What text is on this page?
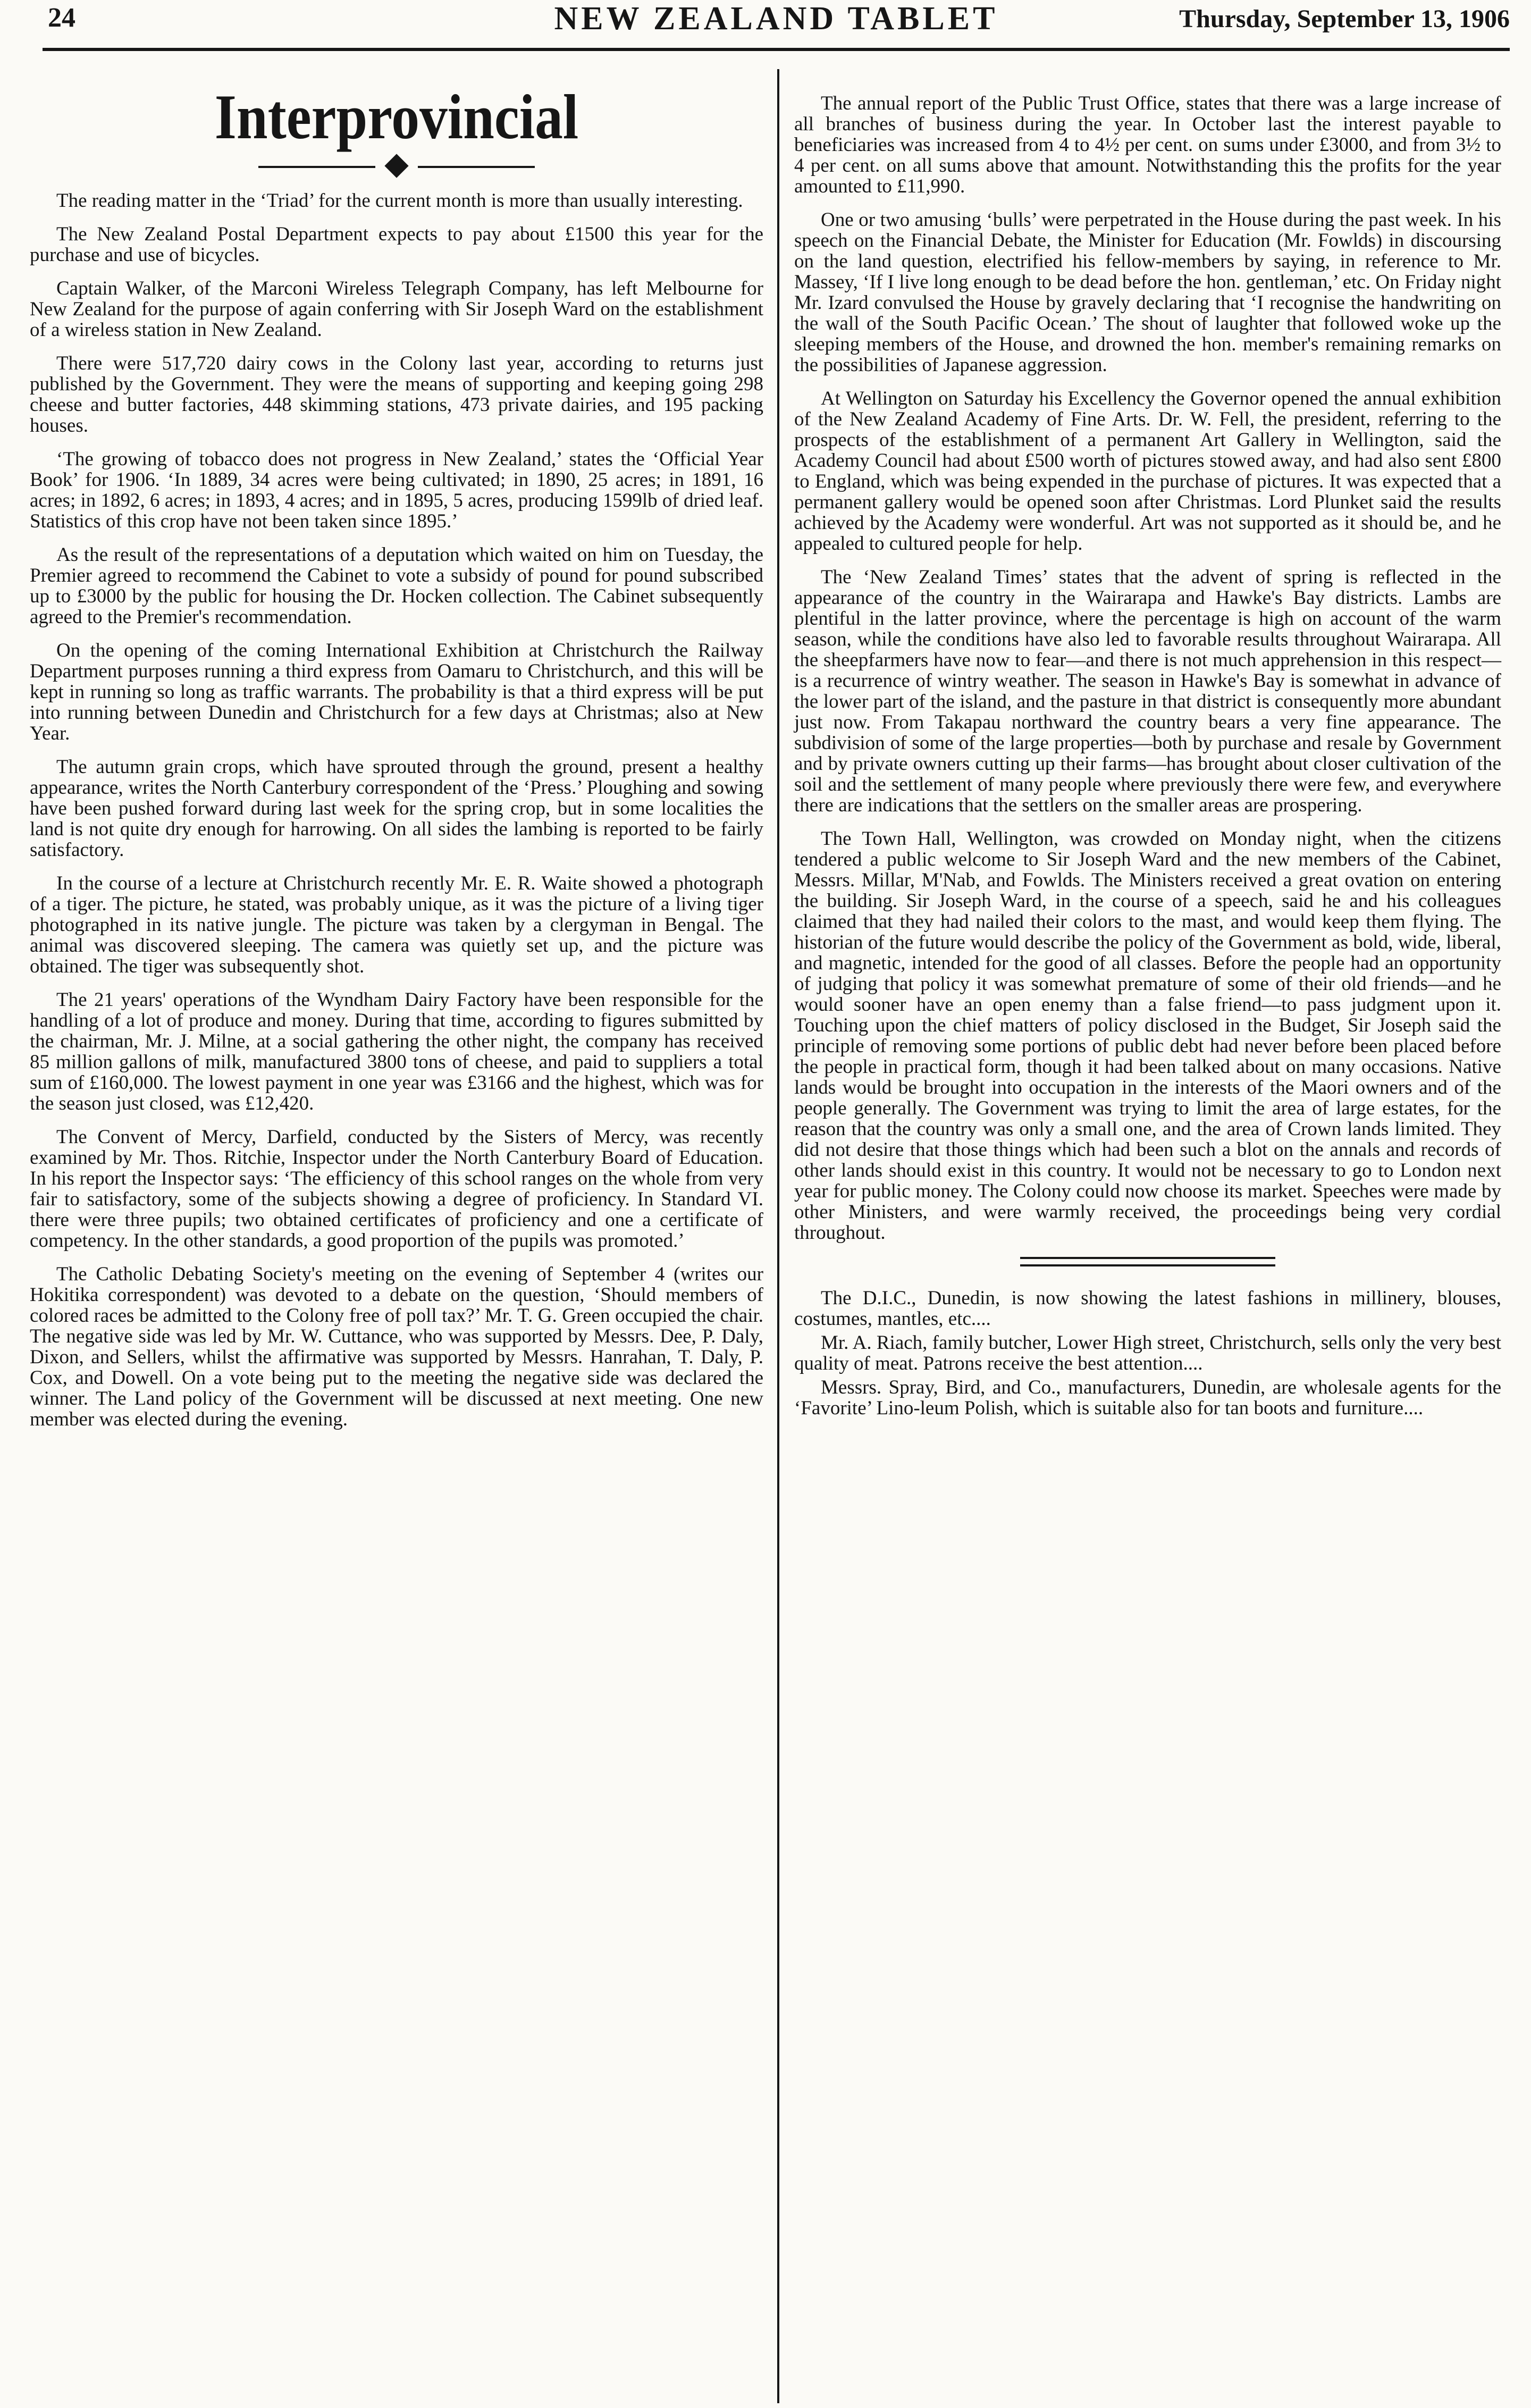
24	NEW ZEALAND TABLET	Thursday, September 13, 1906
Interprovincial

The reading matter in the ‘Triad’ for the current month is more than usually interesting.

The New Zealand Postal Department expects to pay about £1500 this year for the purchase and use of bicycles.

Captain Walker, of the Marconi Wireless Telegraph Company, has left Melbourne for New Zealand for the purpose of again conferring with Sir Joseph Ward on the establishment of a wireless station in New Zealand.

There were 517,720 dairy cows in the Colony last year, according to returns just published by the Government. They were the means of supporting and keeping going 298 cheese and butter factories, 448 skimming stations, 473 private dairies, and 195 packing houses.

‘The growing of tobacco does not progress in New Zealand,’ states the ‘Official Year Book’ for 1906. ‘In 1889, 34 acres were being cultivated; in 1890, 25 acres; in 1891, 16 acres; in 1892, 6 acres; in 1893, 4 acres; and in 1895, 5 acres, producing 1599lb of dried leaf. Statistics of this crop have not been taken since 1895.’

As the result of the representations of a deputation which waited on him on Tuesday, the Premier agreed to recommend the Cabinet to vote a subsidy of pound for pound subscribed up to £3000 by the public for housing the Dr. Hocken collection. The Cabinet subsequently agreed to the Premier's recommendation.

On the opening of the coming International Exhibition at Christchurch the Railway Department purposes running a third express from Oamaru to Christchurch, and this will be kept in running so long as traffic warrants. The probability is that a third express will be put into running between Dunedin and Christchurch for a few days at Christmas; also at New Year.

The autumn grain crops, which have sprouted through the ground, present a healthy appearance, writes the North Canterbury correspondent of the ‘Press.’ Ploughing and sowing have been pushed forward during last week for the spring crop, but in some localities the land is not quite dry enough for harrowing. On all sides the lambing is reported to be fairly satisfactory.

In the course of a lecture at Christchurch recently Mr. E. R. Waite showed a photograph of a tiger. The picture, he stated, was probably unique, as it was the picture of a living tiger photographed in its native jungle. The picture was taken by a clergyman in Bengal. The animal was discovered sleeping. The camera was quietly set up, and the picture was obtained. The tiger was subsequently shot.

The 21 years' operations of the Wyndham Dairy Factory have been responsible for the handling of a lot of produce and money. During that time, according to figures submitted by the chairman, Mr. J. Milne, at a social gathering the other night, the company has received 85 million gallons of milk, manufactured 3800 tons of cheese, and paid to suppliers a total sum of £160,000. The lowest payment in one year was £3166 and the highest, which was for the season just closed, was £12,420.

The Convent of Mercy, Darfield, conducted by the Sisters of Mercy, was recently examined by Mr. Thos. Ritchie, Inspector under the North Canterbury Board of Education. In his report the Inspector says: ‘The efficiency of this school ranges on the whole from very fair to satisfactory, some of the subjects showing a degree of proficiency. In Standard VI. there were three pupils; two obtained certificates of proficiency and one a certificate of competency. In the other standards, a good proportion of the pupils was promoted.’

The Catholic Debating Society's meeting on the evening of September 4 (writes our Hokitika correspondent) was devoted to a debate on the question, ‘Should members of colored races be admitted to the Colony free of poll tax?’ Mr. T. G. Green occupied the chair. The negative side was led by Mr. W. Cuttance, who was supported by Messrs. Dee, P. Daly, Dixon, and Sellers, whilst the affirmative was supported by Messrs. Hanrahan, T. Daly, P. Cox, and Dowell. On a vote being put to the meeting the negative side was declared the winner. The Land policy of the Government will be discussed at next meeting. One new member was elected during the evening.

The annual report of the Public Trust Office, states that there was a large increase of all branches of business during the year. In October last the interest payable to beneficiaries was increased from 4 to 4½ per cent. on sums under £3000, and from 3½ to 4 per cent. on all sums above that amount. Notwithstanding this the profits for the year amounted to £11,990.

One or two amusing ‘bulls’ were perpetrated in the House during the past week. In his speech on the Financial Debate, the Minister for Education (Mr. Fowlds) in discoursing on the land question, electrified his fellow-members by saying, in reference to Mr. Massey, ‘If I live long enough to be dead before the hon. gentleman,’ etc. On Friday night Mr. Izard convulsed the House by gravely declaring that ‘I recognise the handwriting on the wall of the South Pacific Ocean.’ The shout of laughter that followed woke up the sleeping members of the House, and drowned the hon. member's remaining remarks on the possibilities of Japanese aggression.

At Wellington on Saturday his Excellency the Governor opened the annual exhibition of the New Zealand Academy of Fine Arts. Dr. W. Fell, the president, referring to the prospects of the establishment of a permanent Art Gallery in Wellington, said the Academy Council had about £500 worth of pictures stowed away, and had also sent £800 to England, which was being expended in the purchase of pictures. It was expected that a permanent gallery would be opened soon after Christmas. Lord Plunket said the results achieved by the Academy were wonderful. Art was not supported as it should be, and he appealed to cultured people for help.

The ‘New Zealand Times’ states that the advent of spring is reflected in the appearance of the country in the Wairarapa and Hawke's Bay districts. Lambs are plentiful in the latter province, where the percentage is high on account of the warm season, while the conditions have also led to favorable results throughout Wairarapa. All the sheepfarmers have now to fear—and there is not much apprehension in this respect—is a recurrence of wintry weather. The season in Hawke's Bay is somewhat in advance of the lower part of the island, and the pasture in that district is consequently more abundant just now. From Takapau northward the country bears a very fine appearance. The subdivision of some of the large properties—both by purchase and resale by Government and by private owners cutting up their farms—has brought about closer cultivation of the soil and the settlement of many people where previously there were few, and everywhere there are indications that the settlers on the smaller areas are prospering.

The Town Hall, Wellington, was crowded on Monday night, when the citizens tendered a public welcome to Sir Joseph Ward and the new members of the Cabinet, Messrs. Millar, M'Nab, and Fowlds. The Ministers received a great ovation on entering the building. Sir Joseph Ward, in the course of a speech, said he and his colleagues claimed that they had nailed their colors to the mast, and would keep them flying. The historian of the future would describe the policy of the Government as bold, wide, liberal, and magnetic, intended for the good of all classes. Before the people had an opportunity of judging that policy it was somewhat premature of some of their old friends—and he would sooner have an open enemy than a false friend—to pass judgment upon it. Touching upon the chief matters of policy disclosed in the Budget, Sir Joseph said the principle of removing some portions of public debt had never before been placed before the people in practical form, though it had been talked about on many occasions. Native lands would be brought into occupation in the interests of the Maori owners and of the people generally. The Government was trying to limit the area of large estates, for the reason that the country was only a small one, and the area of Crown lands limited. They did not desire that those things which had been such a blot on the annals and records of other lands should exist in this country. It would not be necessary to go to London next year for public money. The Colony could now choose its market. Speeches were made by other Ministers, and were warmly received, the proceedings being very cordial throughout.

The D.I.C., Dunedin, is now showing the latest fashions in millinery, blouses, costumes, mantles, etc....

Mr. A. Riach, family butcher, Lower High street, Christchurch, sells only the very best quality of meat. Patrons receive the best attention....

Messrs. Spray, Bird, and Co., manufacturers, Dunedin, are wholesale agents for the ‘Favorite’ Lino-leum Polish, which is suitable also for tan boots and furniture....
